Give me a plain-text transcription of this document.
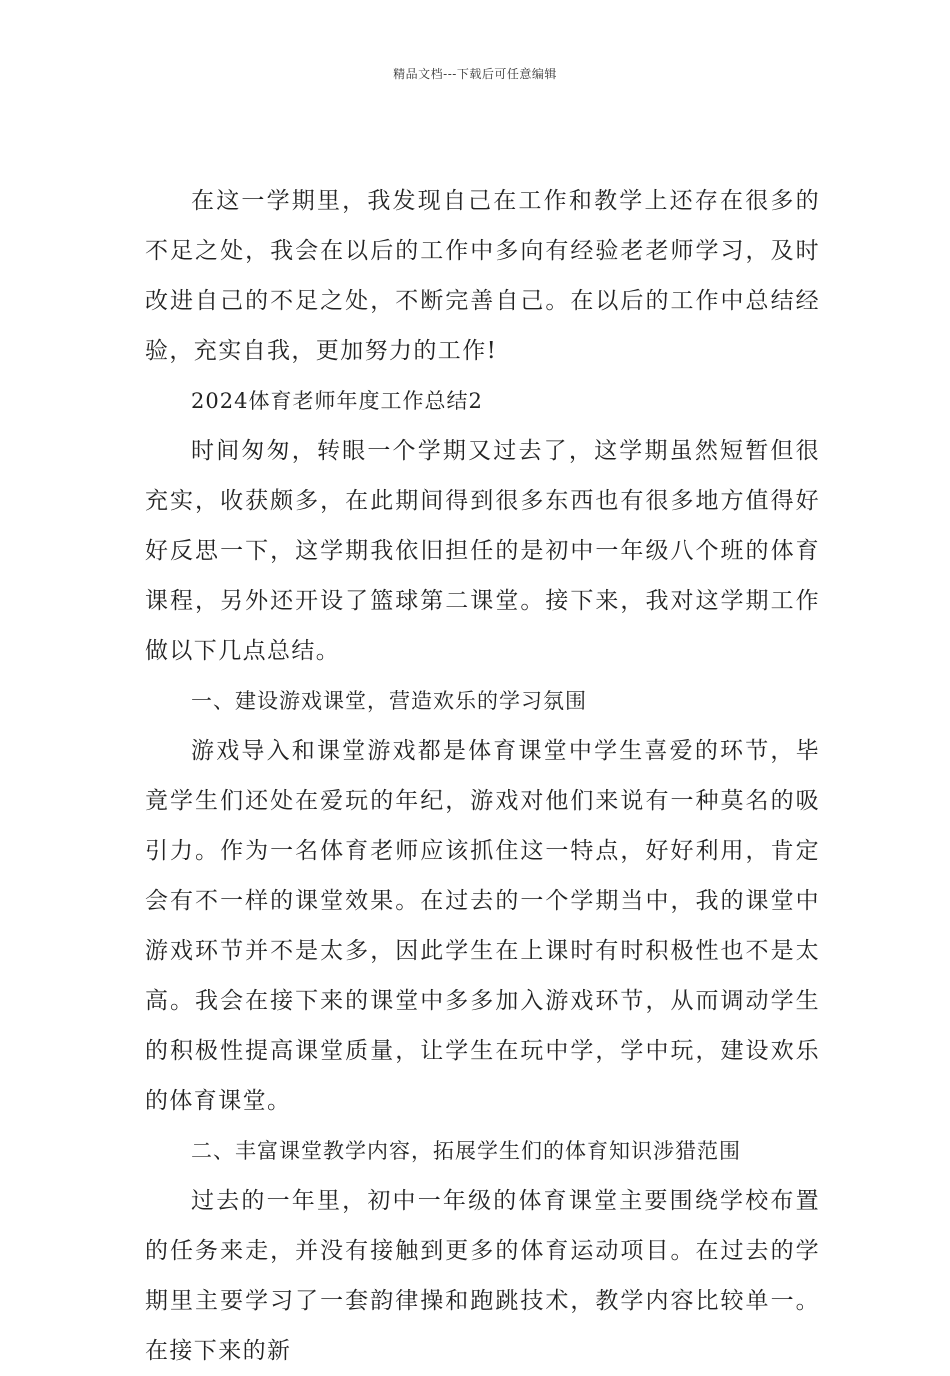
精品文档---下载后可任意编辑

在这一学期里，我发现自己在工作和教学上还存在很多的不足之处，我会在以后的工作中多向有经验老老师学习，及时改进自己的不足之处，不断完善自己。在以后的工作中总结经验，充实自我，更加努力的工作!

2024体育老师年度工作总结2

时间匆匆，转眼一个学期又过去了，这学期虽然短暂但很充实，收获颇多，在此期间得到很多东西也有很多地方值得好好反思一下，这学期我依旧担任的是初中一年级八个班的体育课程，另外还开设了篮球第二课堂。接下来，我对这学期工作做以下几点总结。

一、建设游戏课堂，营造欢乐的学习氛围

游戏导入和课堂游戏都是体育课堂中学生喜爱的环节，毕竟学生们还处在爱玩的年纪，游戏对他们来说有一种莫名的吸引力。作为一名体育老师应该抓住这一特点，好好利用，肯定会有不一样的课堂效果。在过去的一个学期当中，我的课堂中游戏环节并不是太多，因此学生在上课时有时积极性也不是太高。我会在接下来的课堂中多多加入游戏环节，从而调动学生的积极性提高课堂质量，让学生在玩中学，学中玩，建设欢乐的体育课堂。

二、丰富课堂教学内容，拓展学生们的体育知识涉猎范围

过去的一年里，初中一年级的体育课堂主要围绕学校布置的任务来走，并没有接触到更多的体育运动项目。在过去的学期里主要学习了一套韵律操和跑跳技术，教学内容比较单一。在接下来的新
